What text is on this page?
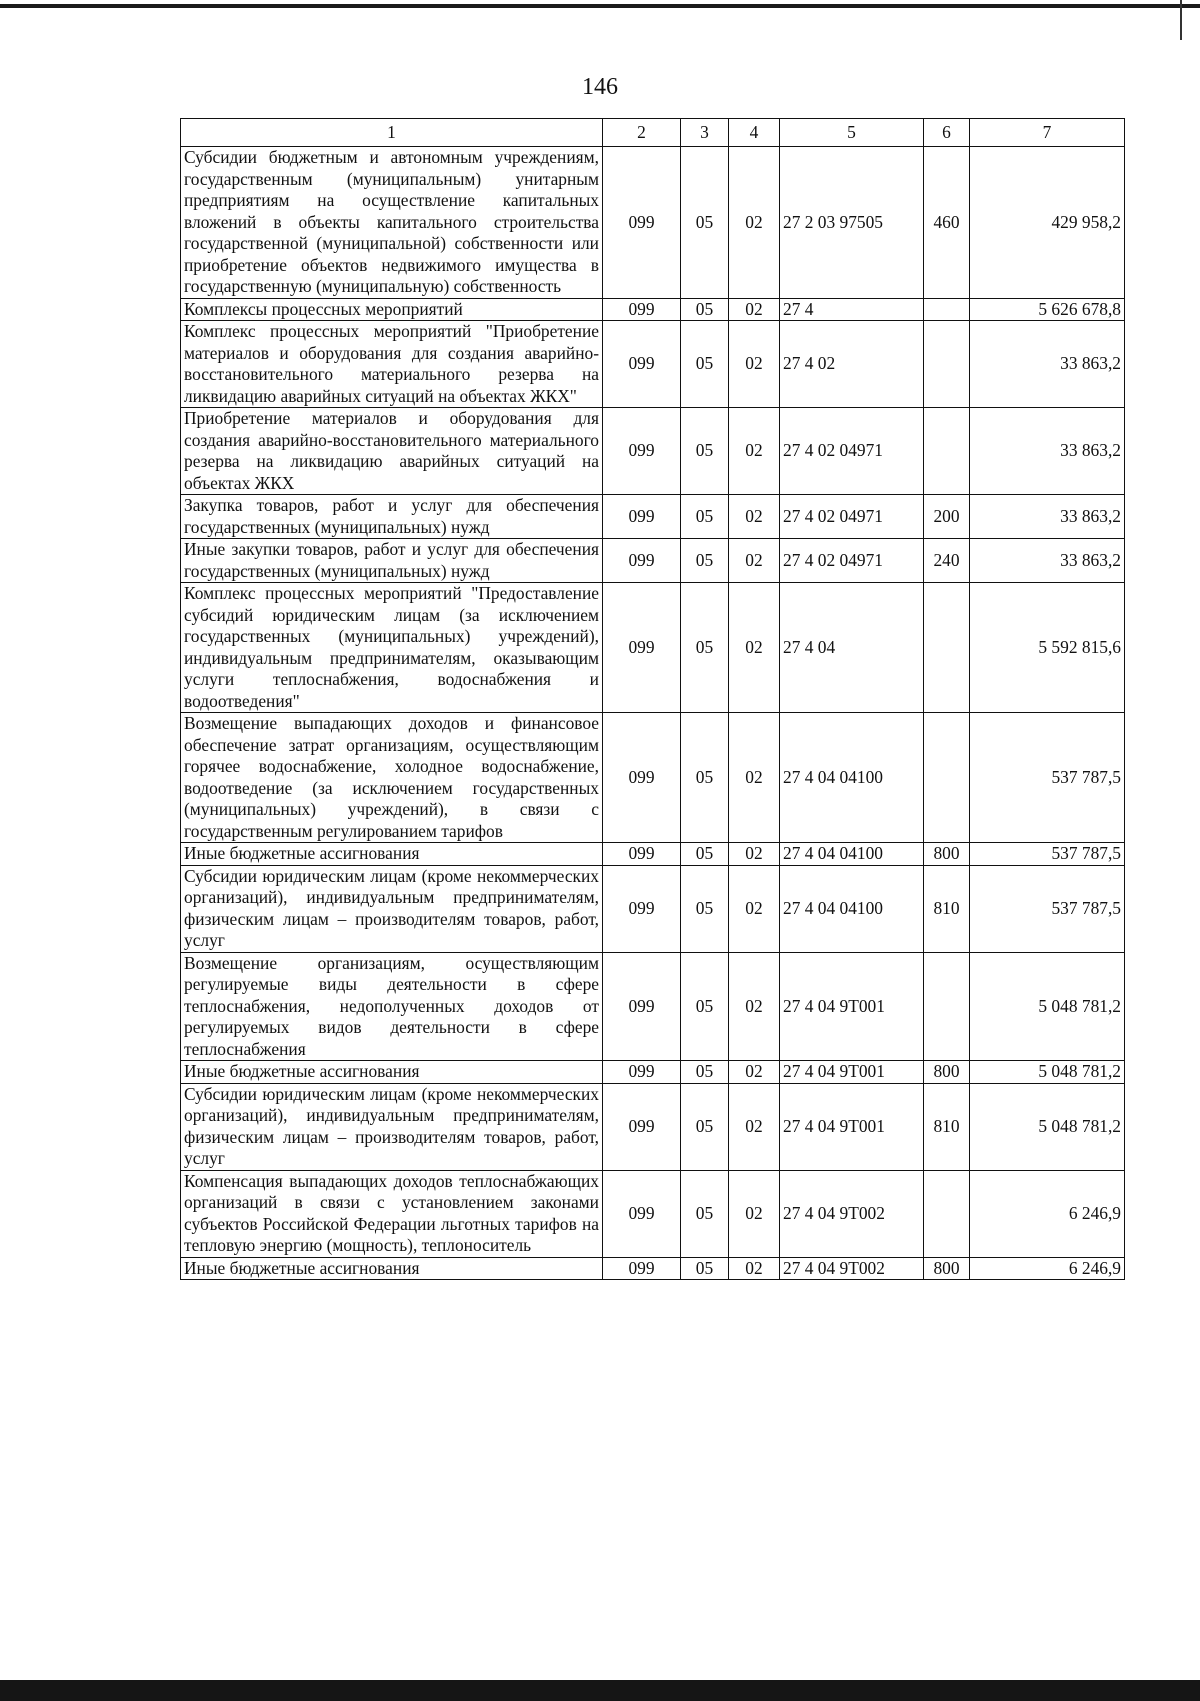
146
1	2	3	4	5	6	7
Субсидии бюджетным и автономным учреждениям, государственным (муниципальным) унитарным предприятиям на осуществление капитальных вложений в объекты капитального строительства государственной (муниципальной) собственности или приобретение объектов недвижимого имущества в государственную (муниципальную) собственность	099	05	02	27 2 03 97505	460	429 958,2
Комплексы процессных мероприятий	099	05	02	27 4		5 626 678,8
Комплекс процессных мероприятий "Приобретение материалов и оборудования для создания аварийно-восстановительного материального резерва на ликвидацию аварийных ситуаций на объектах ЖКХ"	099	05	02	27 4 02		33 863,2
Приобретение материалов и оборудования для создания аварийно-восстановительного материального резерва на ликвидацию аварийных ситуаций на объектах ЖКХ	099	05	02	27 4 02 04971		33 863,2
Закупка товаров, работ и услуг для обеспечения государственных (муниципальных) нужд	099	05	02	27 4 02 04971	200	33 863,2
Иные закупки товаров, работ и услуг для обеспечения государственных (муниципальных) нужд	099	05	02	27 4 02 04971	240	33 863,2
Комплекс процессных мероприятий "Предоставление субсидий юридическим лицам (за исключением государственных (муниципальных) учреждений), индивидуальным предпринимателям, оказывающим услуги теплоснабжения, водоснабжения и водоотведения"	099	05	02	27 4 04		5 592 815,6
Возмещение выпадающих доходов и финансовое обеспечение затрат организациям, осуществляющим горячее водоснабжение, холодное водоснабжение, водоотведение (за исключением государственных (муниципальных) учреждений), в связи с государственным регулированием тарифов	099	05	02	27 4 04 04100		537 787,5
Иные бюджетные ассигнования	099	05	02	27 4 04 04100	800	537 787,5
Субсидии юридическим лицам (кроме некоммерческих организаций), индивидуальным предпринимателям, физическим лицам – производителям товаров, работ, услуг	099	05	02	27 4 04 04100	810	537 787,5
Возмещение организациям, осуществляющим регулируемые виды деятельности в сфере теплоснабжения, недополученных доходов от регулируемых видов деятельности в сфере теплоснабжения	099	05	02	27 4 04 9Т001		5 048 781,2
Иные бюджетные ассигнования	099	05	02	27 4 04 9Т001	800	5 048 781,2
Субсидии юридическим лицам (кроме некоммерческих организаций), индивидуальным предпринимателям, физическим лицам – производителям товаров, работ, услуг	099	05	02	27 4 04 9Т001	810	5 048 781,2
Компенсация выпадающих доходов теплоснабжающих организаций в связи с установлением законами субъектов Российской Федерации льготных тарифов на тепловую энергию (мощность), теплоноситель	099	05	02	27 4 04 9Т002		6 246,9
Иные бюджетные ассигнования	099	05	02	27 4 04 9Т002	800	6 246,9
